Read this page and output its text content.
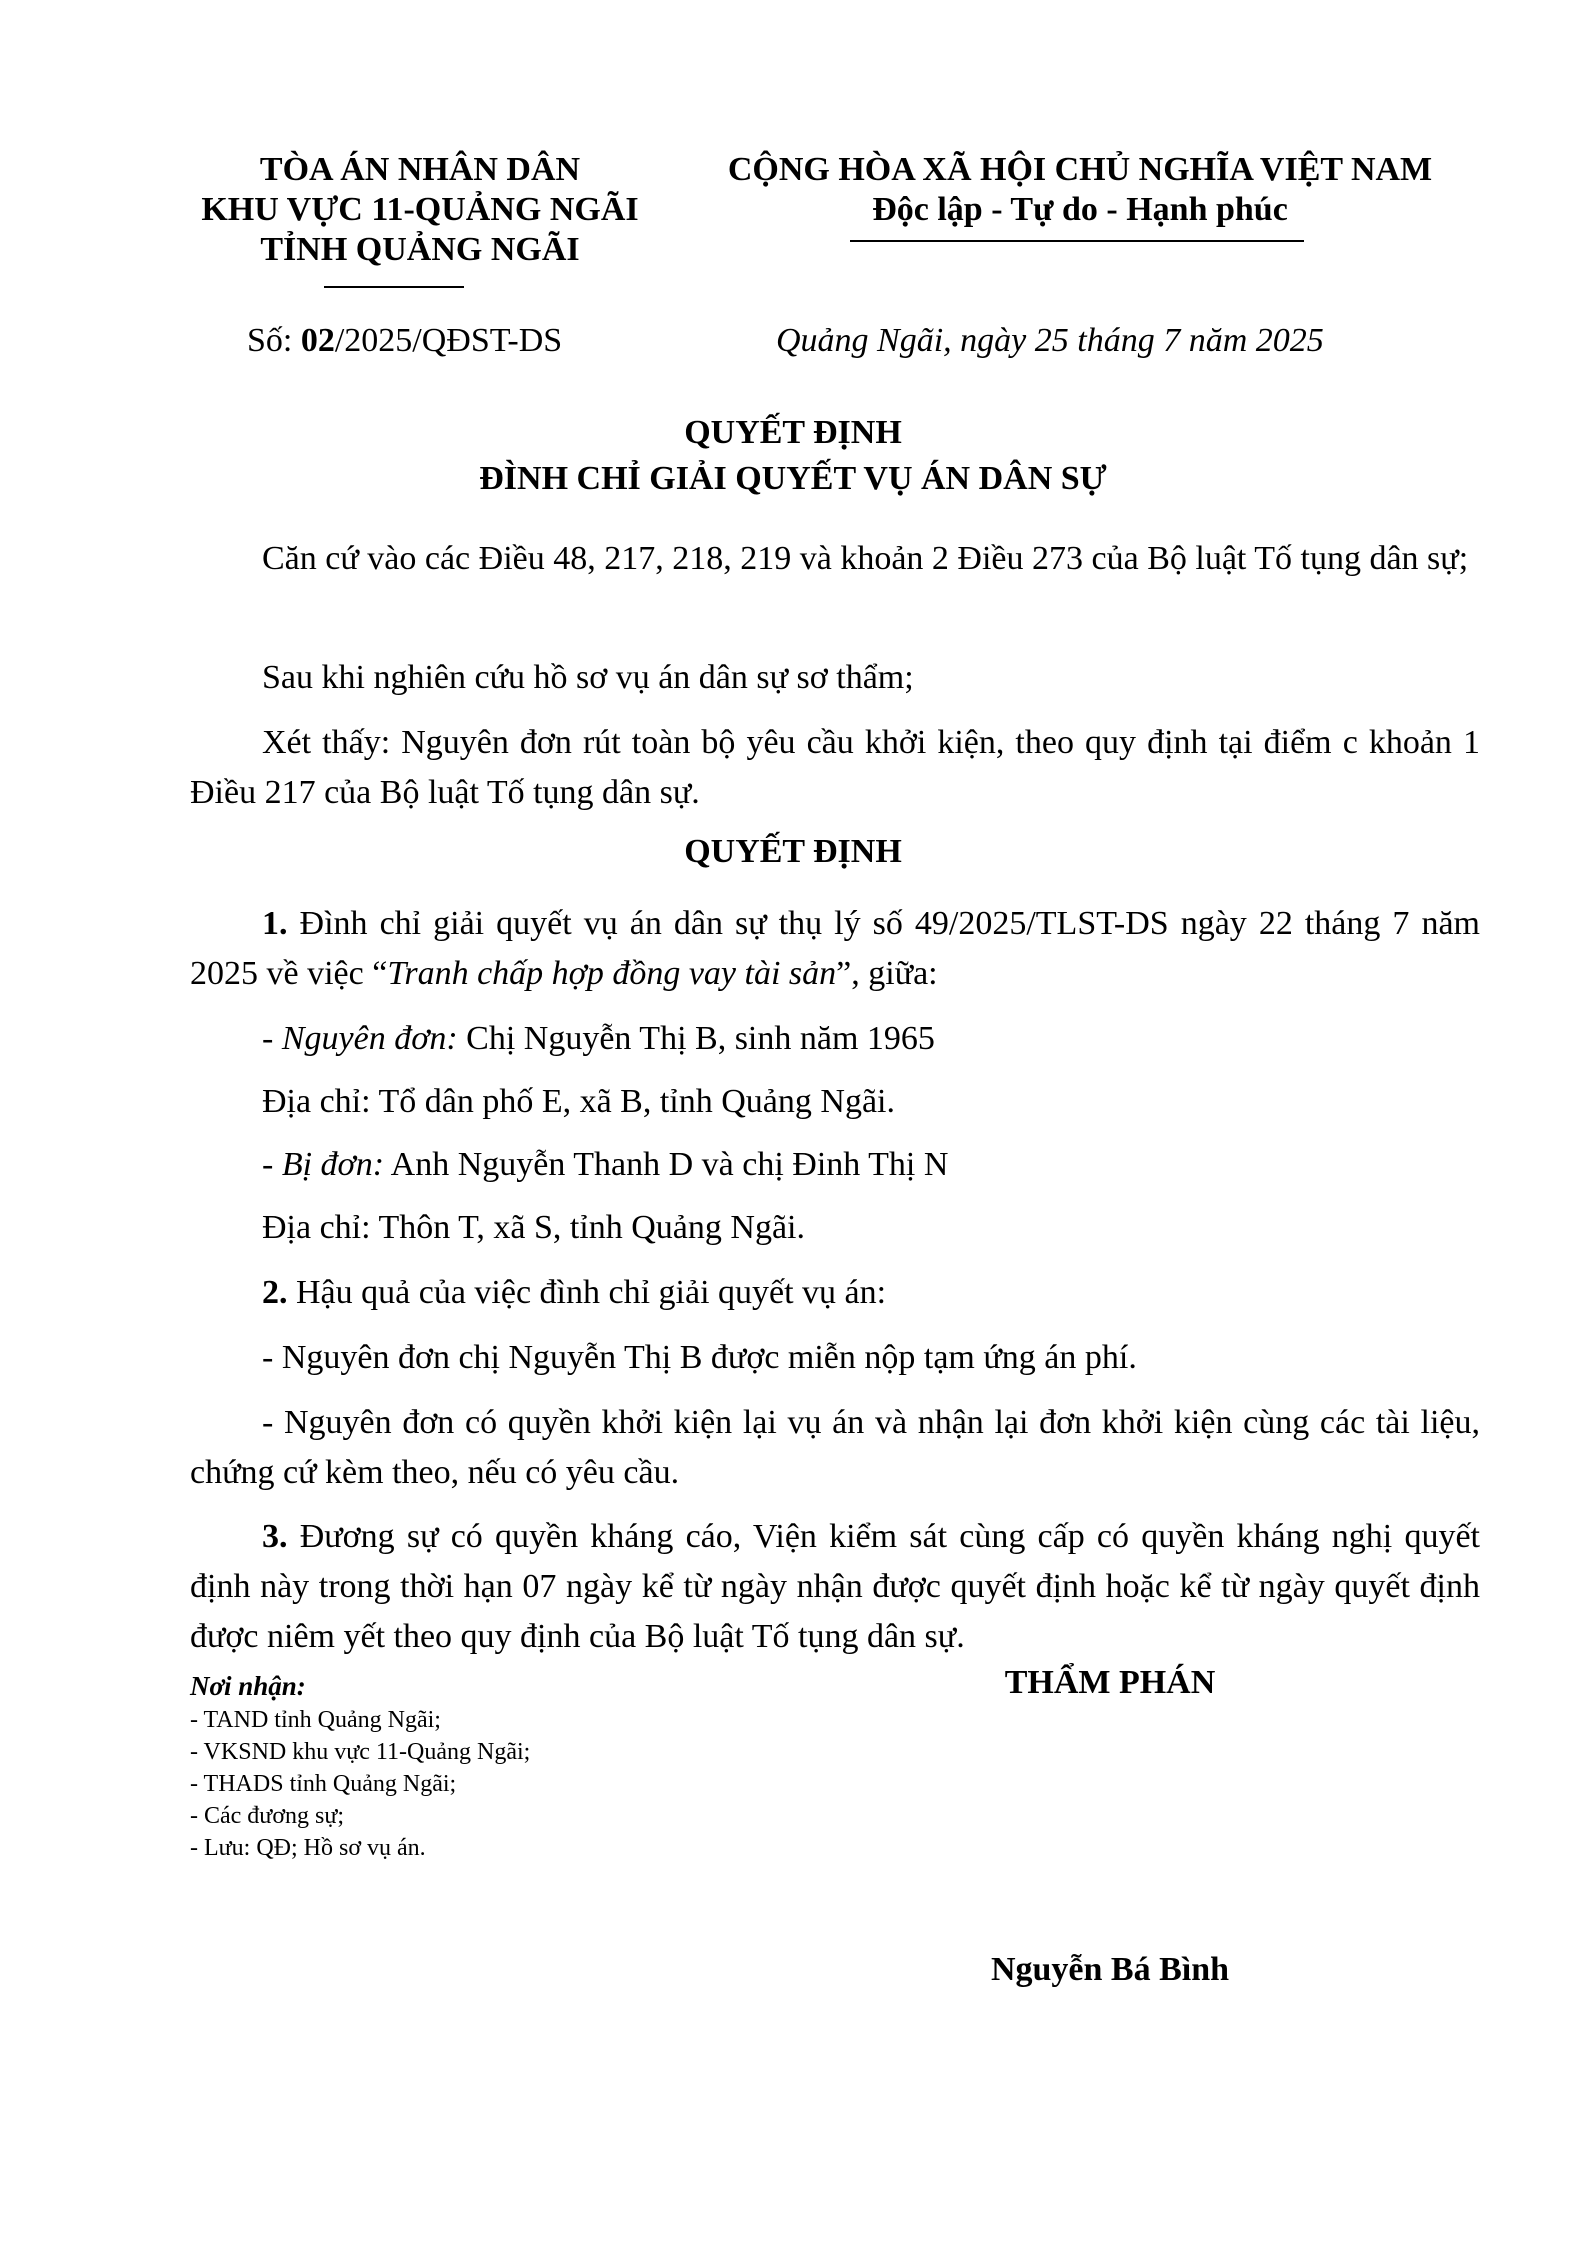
TÒA ÁN NHÂN DÂN
KHU VỰC 11-QUẢNG NGÃI
TỈNH QUẢNG NGÃI
CỘNG HÒA XÃ HỘI CHỦ NGHĨA VIỆT NAM
Độc lập - Tự do - Hạnh phúc
Số: 02/2025/QĐST-DS	Quảng Ngãi, ngày 25 tháng 7 năm 2025
QUYẾT ĐỊNH
ĐÌNH CHỈ GIẢI QUYẾT VỤ ÁN DÂN SỰ
Căn cứ vào các Điều 48, 217, 218, 219 và khoản 2 Điều 273 của Bộ luật Tố tụng dân sự;
Sau khi nghiên cứu hồ sơ vụ án dân sự sơ thẩm;
Xét thấy: Nguyên đơn rút toàn bộ yêu cầu khởi kiện, theo quy định tại điểm c khoản 1 Điều 217 của Bộ luật Tố tụng dân sự.
QUYẾT ĐỊNH
1. Đình chỉ giải quyết vụ án dân sự thụ lý số 49/2025/TLST-DS ngày 22 tháng 7 năm 2025 về việc “Tranh chấp hợp đồng vay tài sản”, giữa:
- Nguyên đơn: Chị Nguyễn Thị B, sinh năm 1965
Địa chỉ: Tổ dân phố E, xã B, tỉnh Quảng Ngãi.
- Bị đơn: Anh Nguyễn Thanh D và chị Đinh Thị N
Địa chỉ: Thôn T, xã S, tỉnh Quảng Ngãi.
2. Hậu quả của việc đình chỉ giải quyết vụ án:
- Nguyên đơn chị Nguyễn Thị B được miễn nộp tạm ứng án phí.
- Nguyên đơn có quyền khởi kiện lại vụ án và nhận lại đơn khởi kiện cùng các tài liệu, chứng cứ kèm theo, nếu có yêu cầu.
3. Đương sự có quyền kháng cáo, Viện kiểm sát cùng cấp có quyền kháng nghị quyết định này trong thời hạn 07 ngày kể từ ngày nhận được quyết định hoặc kể từ ngày quyết định được niêm yết theo quy định của Bộ luật Tố tụng dân sự.
Nơi nhận:
- TAND tỉnh Quảng Ngãi;
- VKSND khu vực 11-Quảng Ngãi;
- THADS tỉnh Quảng Ngãi;
- Các đương sự;
- Lưu: QĐ; Hồ sơ vụ án.
THẨM PHÁN
Nguyễn Bá Bình
